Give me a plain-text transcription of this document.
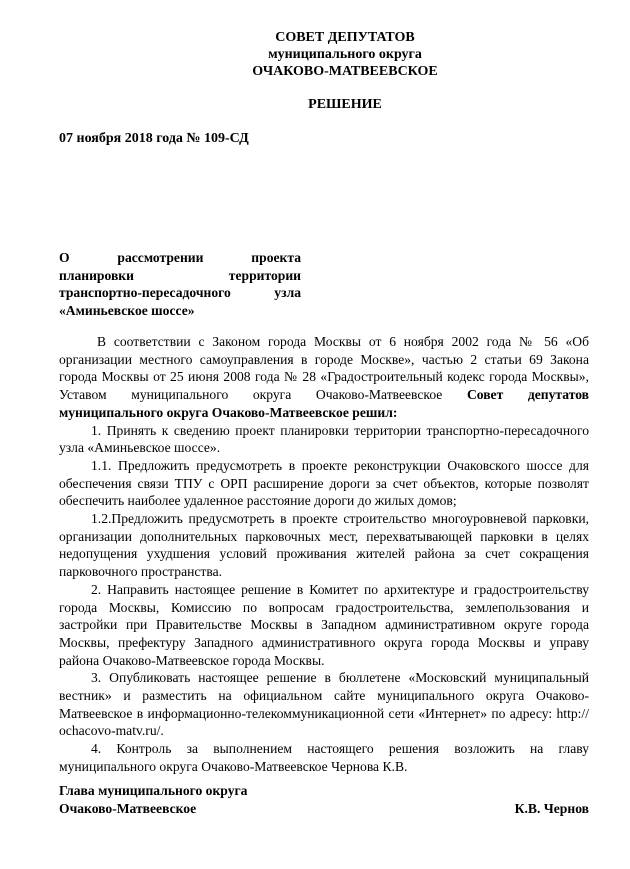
СОВЕТ ДЕПУТАТОВ
муниципального округа
ОЧАКОВО-МАТВЕЕВСКОЕ
РЕШЕНИЕ
07 ноября 2018 года № 109-СД
О рассмотрении проекта
планировки территории
транспортно-пересадочного узла
«Аминьевское шоссе»

В соответствии с Законом города Москвы от 6 ноября 2002 года № 56 «Об организации местного самоуправления в городе Москве», частью 2 статьи 69 Закона города Москвы от 25 июня 2008 года № 28 «Градостроительный кодекс города Москвы», Уставом муниципального округа Очаково-Матвеевское Совет депутатов муниципального округа Очаково-Матвеевское решил:

1. Принять к сведению проект планировки территории транспортно-пересадочного узла «Аминьевское шоссе».

1.1. Предложить предусмотреть в проекте реконструкции Очаковского шоссе для обеспечения связи ТПУ с ОРП расширение дороги за счет объектов, которые позволят обеспечить наиболее удаленное расстояние дороги до жилых домов;

1.2.Предложить предусмотреть в проекте строительство многоуровневой парковки, организации дополнительных парковочных мест, перехватывающей парковки в целях недопущения ухудшения условий проживания жителей района за счет сокращения парковочного пространства.

2. Направить настоящее решение в Комитет по архитектуре и градостроительству города Москвы, Комиссию по вопросам градостроительства, землепользования и застройки при Правительстве Москвы в Западном административном округе города Москвы, префектуру Западного административного округа города Москвы и управу района Очаково-Матвеевское города Москвы.

3. Опубликовать настоящее решение в бюллетене «Московский муниципальный вестник» и разместить на официальном сайте муниципального округа Очаково-Матвеевское в информационно-телекоммуникационной сети «Интернет» по адресу: http:// ochacovo-matv.ru/.

4. Контроль за выполнением настоящего решения возложить на главу муниципального округа Очаково-Матвеевское Чернова К.В.

Глава муниципального округа
Очаково-Матвеевское	К.В. Чернов
